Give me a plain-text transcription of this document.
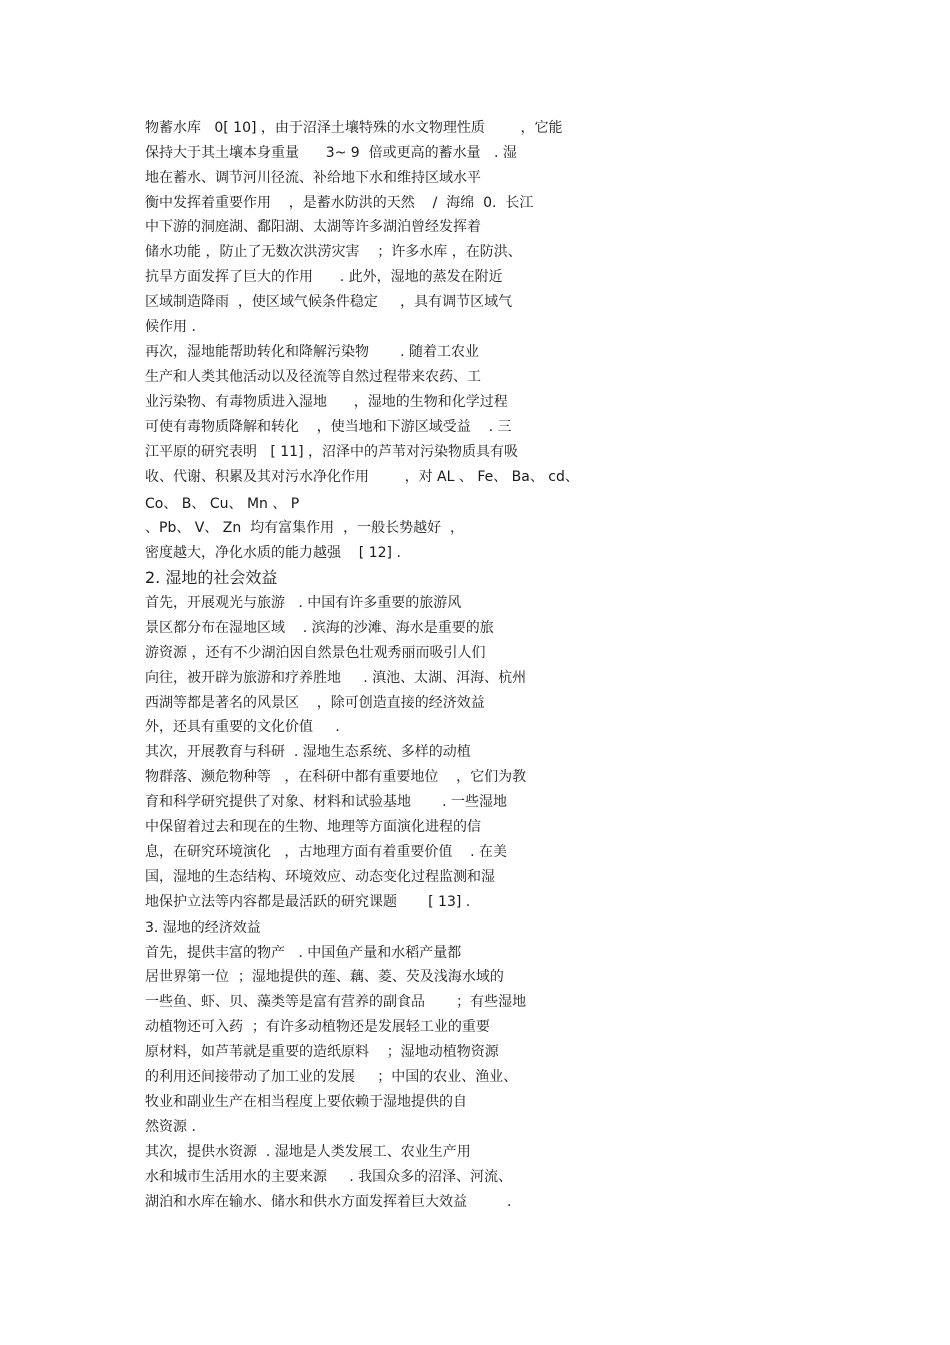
物蓄水库   0[ 10] ，由于沼泽土壤特殊的水文物理性质        ，它能

保持大于其土壤本身重量      3~ 9  倍或更高的蓄水量   . 湿

地在蓄水、调节河川径流、补给地下水和维持区域水平

衡中发挥着重要作用    ，是蓄水防洪的天然    /  海绵  0.  长江

中下游的洞庭湖、鄱阳湖、太湖等许多湖泊曾经发挥着

储水功能 ，防止了无数次洪涝灾害    ；许多水库 ，在防洪、

抗旱方面发挥了巨大的作用      . 此外，湿地的蒸发在附近

区域制造降雨  ，使区域气候条件稳定     ，具有调节区域气

候作用 .

再次，湿地能帮助转化和降解污染物       . 随着工农业

生产和人类其他活动以及径流等自然过程带来农药、工

业污染物、有毒物质进入湿地      ，湿地的生物和化学过程

可使有毒物质降解和转化    ，使当地和下游区域受益    . 三

江平原的研究表明   [ 11] ，沼泽中的芦苇对污染物质具有吸

收、代谢、积累及其对污水净化作用        ，对 AL 、 Fe、 Ba、 cd、

Co、 B、 Cu、 Mn 、 P

、Pb、 V、 Zn  均有富集作用  ，一般长势越好  ，

密度越大，净化水质的能力越强    [ 12] .

2. 湿地的社会效益

首先，开展观光与旅游   . 中国有许多重要的旅游风

景区都分布在湿地区域    . 滨海的沙滩、海水是重要的旅

游资源 ，还有不少湖泊因自然景色壮观秀丽而吸引人们

向往，被开辟为旅游和疗养胜地     . 滇池、太湖、洱海、杭州

西湖等都是著名的风景区    ，除可创造直接的经济效益

外，还具有重要的文化价值     .

其次，开展教育与科研  . 湿地生态系统、多样的动植

物群落、濒危物种等   ，在科研中都有重要地位    ，它们为教

育和科学研究提供了对象、材料和试验基地       . 一些湿地

中保留着过去和现在的生物、地理等方面演化进程的信

息，在研究环境演化   ，古地理方面有着重要价值    . 在美

国，湿地的生态结构、环境效应、动态变化过程监测和湿

地保护立法等内容都是最活跃的研究课题       [ 13] .

3. 湿地的经济效益

首先，提供丰富的物产   . 中国鱼产量和水稻产量都

居世界第一位  ；湿地提供的莲、藕、菱、芡及浅海水域的

一些鱼、虾、贝、藻类等是富有营养的副食品       ；有些湿地

动植物还可入药  ；有许多动植物还是发展轻工业的重要

原材料，如芦苇就是重要的造纸原料    ；湿地动植物资源

的利用还间接带动了加工业的发展     ；中国的农业、渔业、

牧业和副业生产在相当程度上要依赖于湿地提供的自

然资源 .

其次，提供水资源  . 湿地是人类发展工、农业生产用

水和城市生活用水的主要来源     . 我国众多的沼泽、河流、

湖泊和水库在输水、储水和供水方面发挥着巨大效益         .
